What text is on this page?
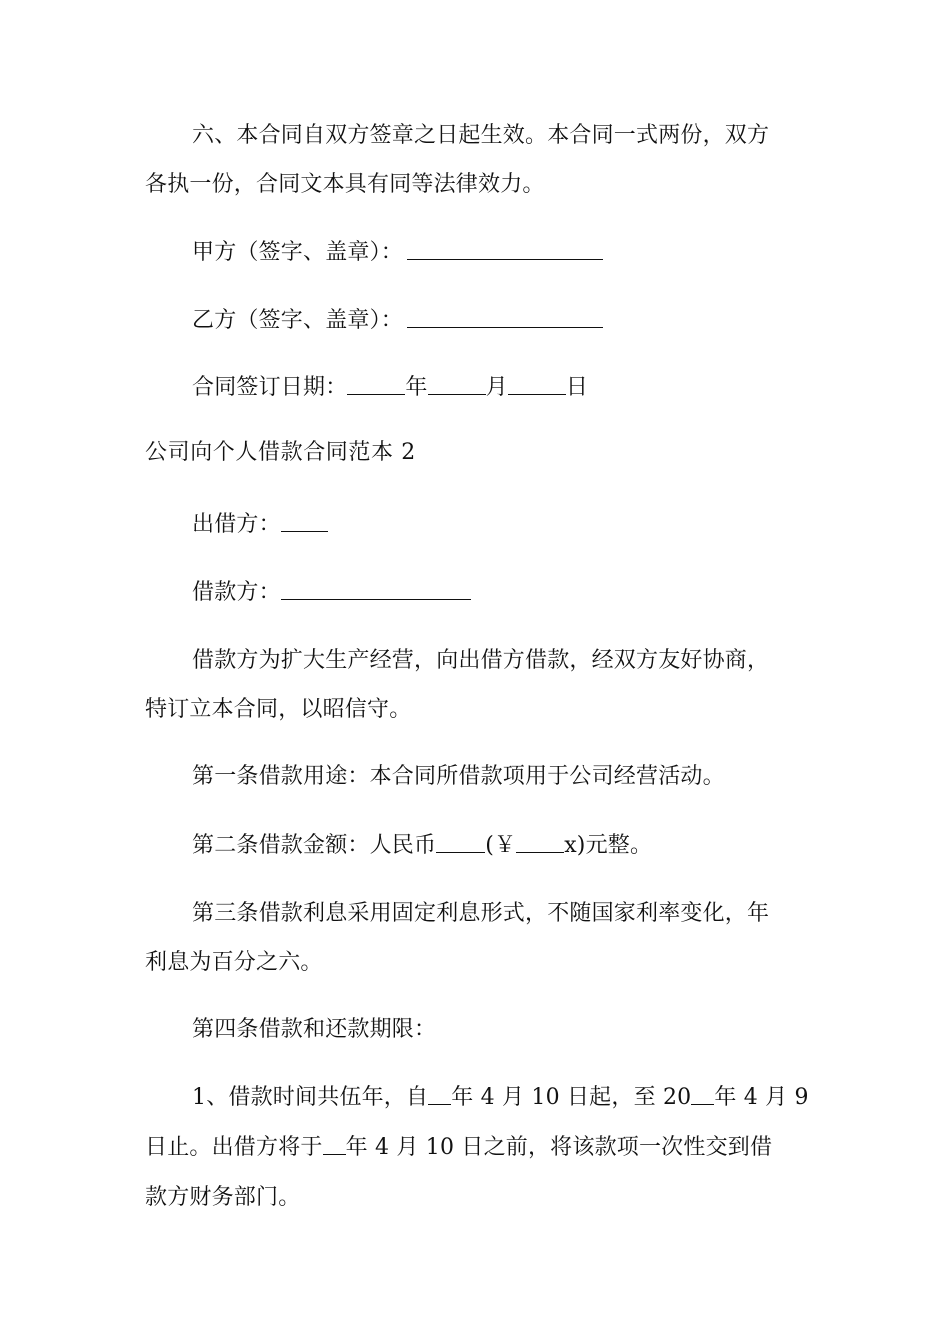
六、本合同自双方签章之日起生效。本合同一式两份，双方
各执一份，合同文本具有同等法律效力。
甲方（签字、盖章）：
乙方（签字、盖章）：
合同签订日期：	年	月	日
公司向个人借款合同范本 2
出借方：
借款方：
借款方为扩大生产经营，向出借方借款，经双方友好协商，
特订立本合同，以昭信守。
第一条借款用途：本合同所借款项用于公司经营活动。
第二条借款金额：人民币 (￥ x)元整。
第三条借款利息采用固定利息形式，不随国家利率变化，年
利息为百分之六。
第四条借款和还款期限：
1、借款时间共伍年，自 年 4 月 10 日起，至 20 年 4 月 9
日止。出借方将于 年 4 月 10 日之前，将该款项一次性交到借
款方财务部门。
